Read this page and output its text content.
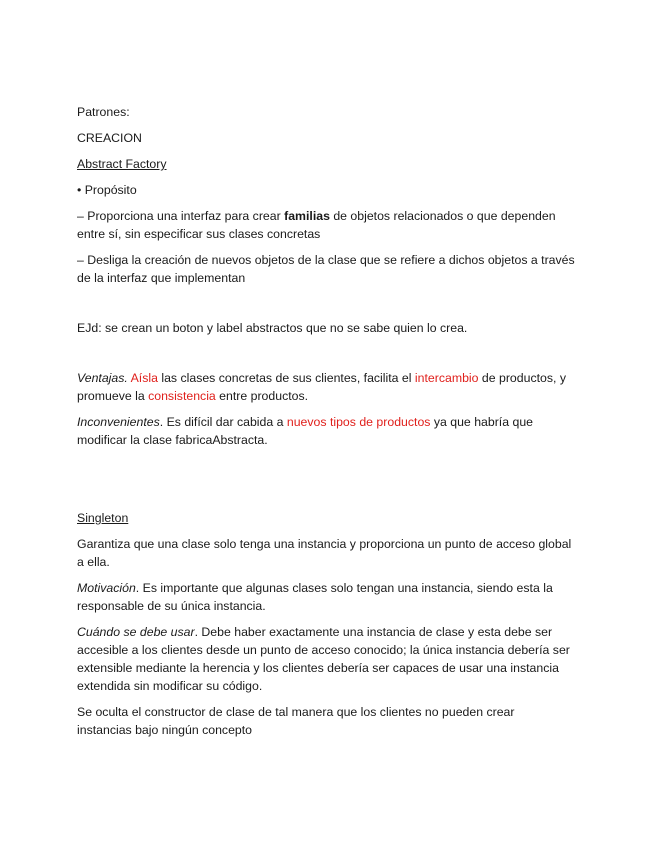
Patrones:

CREACION

Abstract Factory

• Propósito

– Proporciona una interfaz para crear familias de objetos relacionados o que dependen
entre sí, sin especificar sus clases concretas
– Desliga la creación de nuevos objetos de la clase que se refiere a dichos objetos a través
de la interfaz que implementan

EJd: se crean un boton y label abstractos que no se sabe quien lo crea.

Ventajas. Aísla las clases concretas de sus clientes, facilita el intercambio de productos, y
promueve la consistencia entre productos.
Inconvenientes. Es difícil dar cabida a nuevos tipos de productos ya que habría que
modificar la clase fabricaAbstracta.

Singleton

Garantiza que una clase solo tenga una instancia y proporciona un punto de acceso global
a ella.
Motivación. Es importante que algunas clases solo tengan una instancia, siendo esta la
responsable de su única instancia.
Cuándo se debe usar. Debe haber exactamente una instancia de clase y esta debe ser
accesible a los clientes desde un punto de acceso conocido; la única instancia debería ser
extensible mediante la herencia y los clientes debería ser capaces de usar una instancia
extendida sin modificar su código.
Se oculta el constructor de clase de tal manera que los clientes no pueden crear
instancias bajo ningún concepto
